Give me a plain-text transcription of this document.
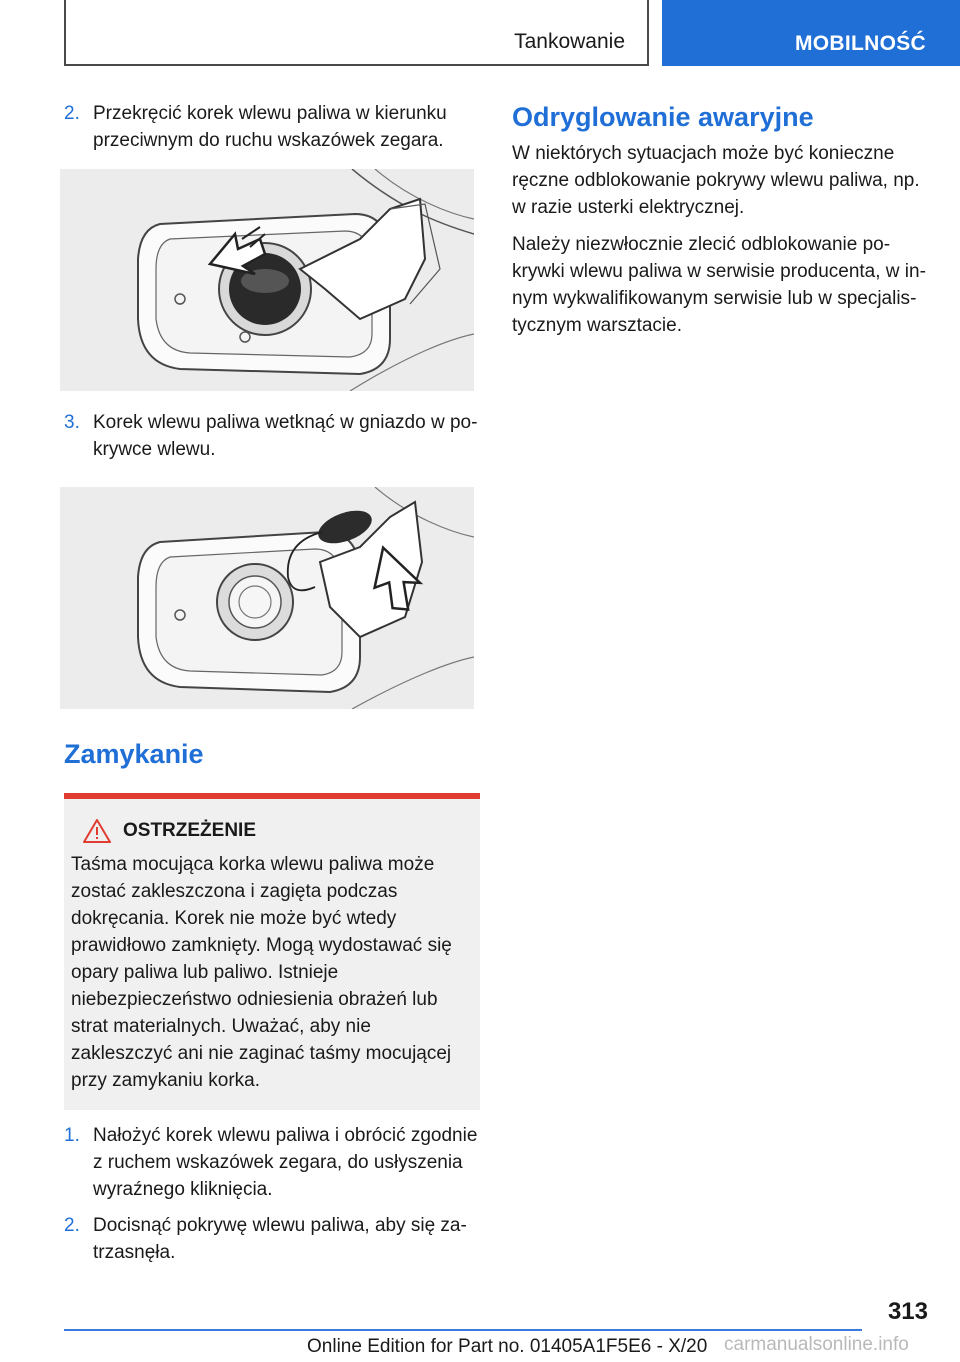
Tankowanie	MOBILNOŚĆ
2. Przekręcić korek wlewu paliwa w kierunku przeciwnym do ruchu wskazówek zegara.
3. Korek wlewu paliwa wetknąć w gniazdo w pokrywce wlewu.
Zamykanie
OSTRZEŻENIE

Taśma mocująca korka wlewu paliwa może zostać zakleszczona i zagięta podczas dokręcania. Korek nie może być wtedy prawidłowo zamknięty. Mogą wydostawać się opary paliwa lub paliwo. Istnieje niebezpieczeństwo odniesienia obrażeń lub strat materialnych. Uważać, aby nie zakleszczyć ani nie zaginać taśmy mocującej przy zamykaniu korka.

1. Nałożyć korek wlewu paliwa i obrócić zgodnie z ruchem wskazówek zegara, do usłyszenia wyraźnego kliknięcia.
2. Docisnąć pokrywę wlewu paliwa, aby się zatrzasnęła.
Odryglowanie awaryjne

W niektórych sytuacjach może być konieczne ręczne odblokowanie pokrywy wlewu paliwa, np. w razie usterki elektrycznej.

Należy niezwłocznie zlecić odblokowanie pokrywki wlewu paliwa w serwisie producenta, w innym wykwalifikowanym serwisie lub w specjalistycznym warsztacie.

313
Online Edition for Part no. 01405A1F5E6 - X/20 carmanualsonline.info
